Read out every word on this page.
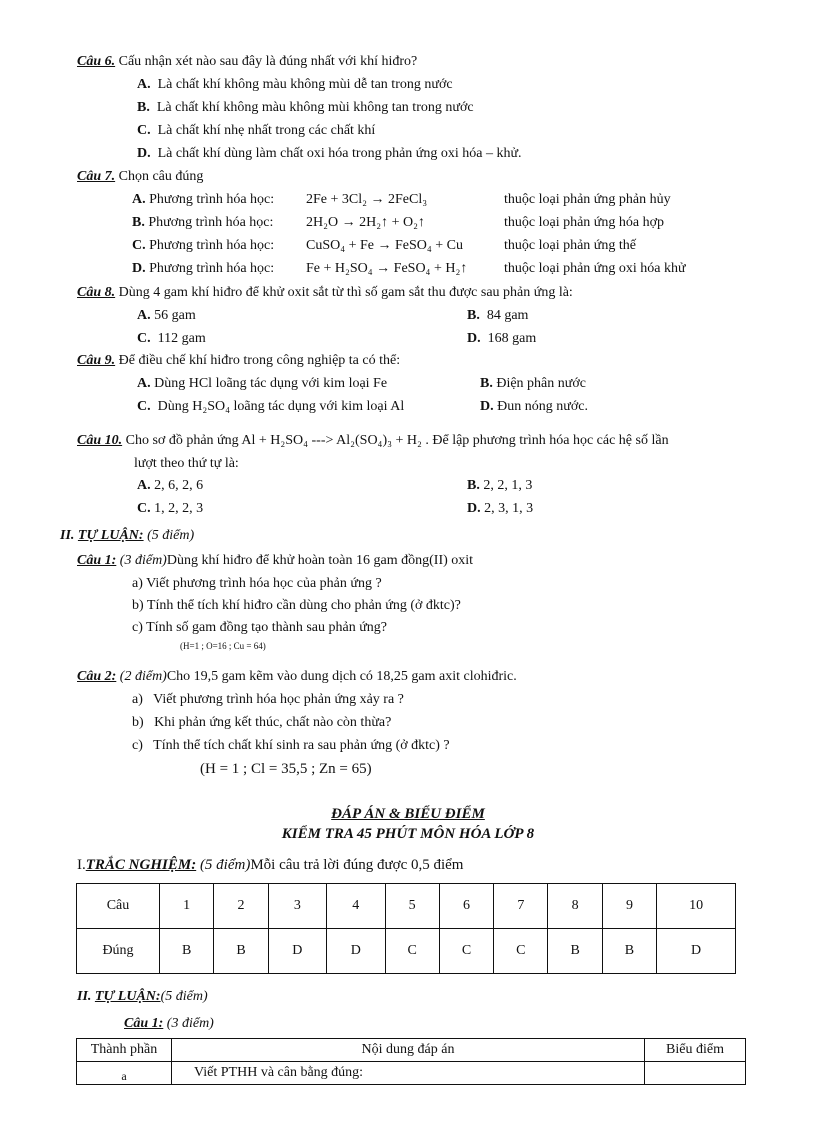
Câu 6. Cấu nhận xét nào sau đây là đúng nhất với khí hiđro?
A. Là chất khí không màu không mùi dễ tan trong nước
B. Là chất khí không màu không mùi không tan trong nước
C. Là chất khí nhẹ nhất trong các chất khí
D. Là chất khí dùng làm chất oxi hóa trong phản ứng oxi hóa – khử.
Câu 7. Chọn câu đúng
A. Phương trình hóa học: 2Fe + 3Cl₂ → 2FeCl₃	thuộc loại phản ứng phản hủy
B. Phương trình hóa học: 2H₂O → 2H₂↑ + O₂↑	thuộc loại phản ứng hóa hợp
C. Phương trình hóa học: CuSO₄ + Fe → FeSO₄ + Cu	thuộc loại phản ứng thế
D. Phương trình hóa học: Fe + H₂SO₄ → FeSO₄ + H₂↑	thuộc loại phản ứng oxi hóa khử
Câu 8. Dùng 4 gam khí hiđro để khử oxit sắt từ thì số gam sắt thu được sau phản ứng là:
A. 56 gam	B. 84 gam
C. 112 gam	D. 168 gam
Câu 9. Để điều chế khí hiđro trong công nghiệp ta có thể:
A. Dùng HCl loãng tác dụng với kim loại Fe	B. Điện phân nước
C. Dùng H₂SO₄ loãng tác dụng với kim loại Al	D. Đun nóng nước.
Câu 10. Cho sơ đồ phản ứng Al + H₂SO₄ ---> Al₂(SO₄)₃ + H₂ . Để lập phương trình hóa học các hệ số lần
lượt theo thứ tự là:
A. 2, 6, 2, 6	B. 2, 2, 1, 3
C. 1, 2, 2, 3	D. 2, 3, 1, 3
II. TỰ LUẬN: (5 điểm)
Câu 1: (3 điểm)Dùng khí hiđro để khử hoàn toàn 16 gam đồng(II) oxit
a) Viết phương trình hóa học của phản ứng ?
b) Tính thể tích khí hiđro cần dùng cho phản ứng (ở đktc)?
c) Tính số gam đồng tạo thành sau phản ứng?
(H=1 ; O=16 ; Cu = 64)
Câu 2: (2 điểm)Cho 19,5 gam kẽm vào dung dịch có 18,25 gam axit clohiđric.
a) Viết phương trình hóa học phản ứng xảy ra ?
b) Khi phản ứng kết thúc, chất nào còn thừa?
c) Tính thể tích chất khí sinh ra sau phản ứng (ở đktc) ?
(H = 1 ; Cl = 35,5 ; Zn = 65)
ĐÁP ÁN & BIỂU ĐIỂM
KIỂM TRA 45 PHÚT MÔN HÓA LỚP 8
I.TRẮC NGHIỆM: (5 điểm)Mỗi câu trả lời đúng được 0,5 điểm
Câu	1	2	3	4	5	6	7	8	9	10
Đúng	B	B	D	D	C	C	C	B	B	D
II. TỰ LUẬN:(5 điểm)
Câu 1: (3 điểm)
Thành phần	Nội dung đáp án	Biểu điểm
a	Viết PTHH và cân bằng đúng:	
